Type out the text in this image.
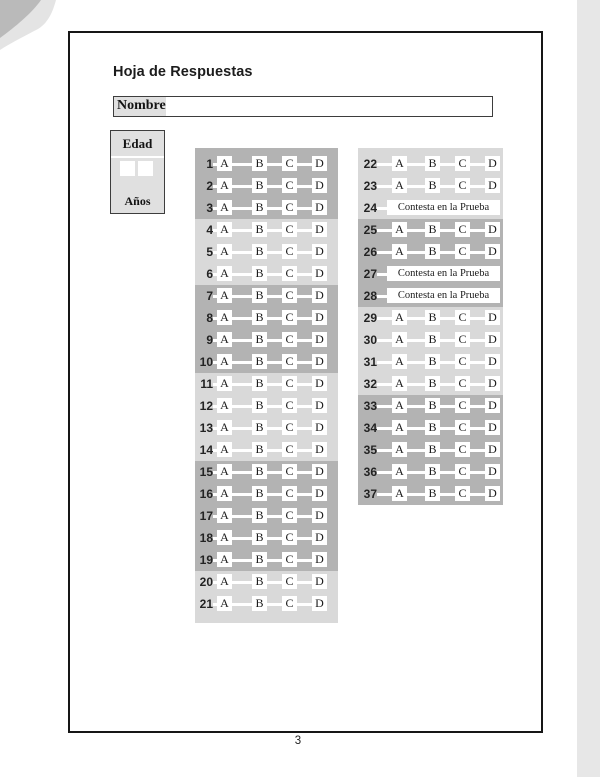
Hoja de Respuestas
Nombre
Edad
Años
1 A B C D
2 A B C D
3 A B C D
4 A B C D
5 A B C D
6 A B C D
7 A B C D
8 A B C D
9 A B C D
10 A B C D
11 A B C D
12 A B C D
13 A B C D
14 A B C D
15 A B C D
16 A B C D
17 A B C D
18 A B C D
19 A B C D
20 A B C D
21 A B C D
22 A B C D
23 A B C D
24	Contesta en la Prueba
25 A B C D
26 A B C D
27	Contesta en la Prueba
28	Contesta en la Prueba
29 A B C D
30 A B C D
31 A B C D
32 A B C D
33 A B C D
34 A B C D
35 A B C D
36 A B C D
37 A B C D
3
